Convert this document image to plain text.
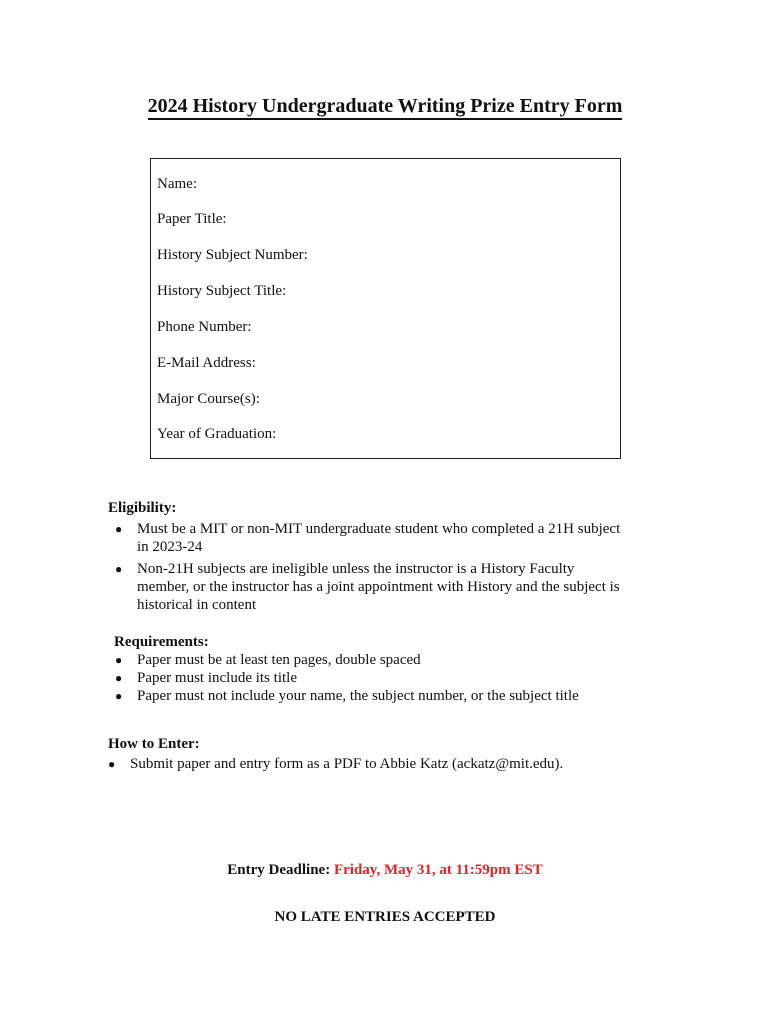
2024 History Undergraduate Writing Prize Entry Form
Name:
Paper Title:
History Subject Number:
History Subject Title:
Phone Number:
E-Mail Address:
Major Course(s):
Year of Graduation:
Eligibility:
● Must be a MIT or non-MIT undergraduate student who completed a 21H subject in 2023-24
● Non-21H subjects are ineligible unless the instructor is a History Faculty member, or the instructor has a joint appointment with History and the subject is historical in content
Requirements:
● Paper must be at least ten pages, double spaced
● Paper must include its title
● Paper must not include your name, the subject number, or the subject title
How to Enter:
● Submit paper and entry form as a PDF to Abbie Katz (ackatz@mit.edu).
Entry Deadline: Friday, May 31, at 11:59pm EST
NO LATE ENTRIES ACCEPTED
